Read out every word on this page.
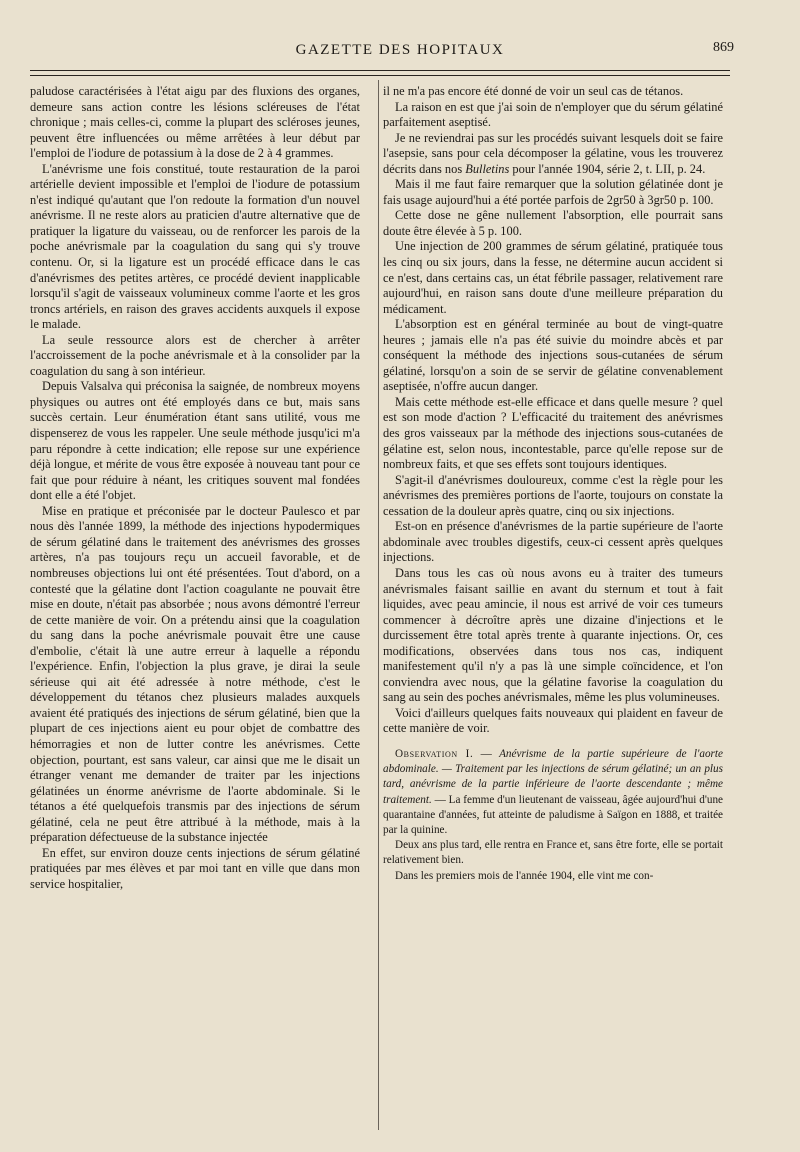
GAZETTE DES HOPITAUX	869

paludose caractérisées à l'état aigu par des fluxions des organes, demeure sans action contre les lésions scléreuses de l'état chronique ; mais celles-ci, comme la plupart des scléroses jeunes, peuvent être influencées ou même arrêtées à leur début par l'emploi de l'iodure de potassium à la dose de 2 à 4 grammes.

L'anévrisme une fois constitué, toute restauration de la paroi artérielle devient impossible et l'emploi de l'iodure de potassium n'est indiqué qu'autant que l'on redoute la formation d'un nouvel anévrisme. Il ne reste alors au praticien d'autre alternative que de pratiquer la ligature du vaisseau, ou de renforcer les parois de la poche anévrismale par la coagulation du sang qui s'y trouve contenu. Or, si la ligature est un procédé efficace dans le cas d'anévrismes des petites artères, ce procédé devient inapplicable lorsqu'il s'agit de vaisseaux volumineux comme l'aorte et les gros troncs artériels, en raison des graves accidents auxquels il expose le malade.

La seule ressource alors est de chercher à arrêter l'accroissement de la poche anévrismale et à la consolider par la coagulation du sang à son intérieur.

Depuis Valsalva qui préconisa la saignée, de nombreux moyens physiques ou autres ont été employés dans ce but, mais sans succès certain. Leur énumération étant sans utilité, vous me dispenserez de vous les rappeler. Une seule méthode jusqu'ici m'a paru répondre à cette indication; elle repose sur une expérience déjà longue, et mérite de vous être exposée à nouveau tant pour ce fait que pour réduire à néant, les critiques souvent mal fondées dont elle a été l'objet.

Mise en pratique et préconisée par le docteur Paulesco et par nous dès l'année 1899, la méthode des injections hypodermiques de sérum gélatiné dans le traitement des anévrismes des grosses artères, n'a pas toujours reçu un accueil favorable, et de nombreuses objections lui ont été présentées. Tout d'abord, on a contesté que la gélatine dont l'action coagulante ne pouvait être mise en doute, n'était pas absorbée ; nous avons démontré l'erreur de cette manière de voir. On a prétendu ainsi que la coagulation du sang dans la poche anévrismale pouvait être une cause d'embolie, c'était là une autre erreur à laquelle a répondu l'expérience. Enfin, l'objection la plus grave, je dirai la seule sérieuse qui ait été adressée à notre méthode, c'est le développement du tétanos chez plusieurs malades auxquels avaient été pratiqués des injections de sérum gélatiné, bien que la plupart de ces injections aient eu pour objet de combattre des hémorragies et non de lutter contre les anévrismes. Cette objection, pourtant, est sans valeur, car ainsi que me le disait un étranger venant me demander de traiter par les injections gélatinées un énorme anévrisme de l'aorte abdominale. Si le tétanos a été quelquefois transmis par des injections de sérum gélatiné, cela ne peut être attribué à la méthode, mais à la préparation défectueuse de la substance injectée

En effet, sur environ douze cents injections de sérum gélatiné pratiquées par mes élèves et par moi tant en ville que dans mon service hospitalier,

il ne m'a pas encore été donné de voir un seul cas de tétanos.

La raison en est que j'ai soin de n'employer que du sérum gélatiné parfaitement aseptisé.

Je ne reviendrai pas sur les procédés suivant lesquels doit se faire l'asepsie, sans pour cela décomposer la gélatine, vous les trouverez décrits dans nos Bulletins pour l'année 1904, série 2, t. LII, p. 24.

Mais il me faut faire remarquer que la solution gélatinée dont je fais usage aujourd'hui a été portée parfois de 2gr50 à 3gr50 p. 100.

Cette dose ne gêne nullement l'absorption, elle pourrait sans doute être élevée à 5 p. 100.

Une injection de 200 grammes de sérum gélatiné, pratiquée tous les cinq ou six jours, dans la fesse, ne détermine aucun accident si ce n'est, dans certains cas, un état fébrile passager, relativement rare aujourd'hui, en raison sans doute d'une meilleure préparation du médicament.

L'absorption est en général terminée au bout de vingt-quatre heures ; jamais elle n'a pas été suivie du moindre abcès et par conséquent la méthode des injections sous-cutanées de sérum gélatiné, lorsqu'on a soin de se servir de gélatine convenablement aseptisée, n'offre aucun danger.

Mais cette méthode est-elle efficace et dans quelle mesure ? quel est son mode d'action ? L'efficacité du traitement des anévrismes des gros vaisseaux par la méthode des injections sous-cutanées de gélatine est, selon nous, incontestable, parce qu'elle repose sur de nombreux faits, et que ses effets sont toujours identiques.

S'agit-il d'anévrismes douloureux, comme c'est la règle pour les anévrismes des premières portions de l'aorte, toujours on constate la cessation de la douleur après quatre, cinq ou six injections.

Est-on en présence d'anévrismes de la partie supérieure de l'aorte abdominale avec troubles digestifs, ceux-ci cessent après quelques injections.

Dans tous les cas où nous avons eu à traiter des tumeurs anévrismales faisant saillie en avant du sternum et tout à fait liquides, avec peau amincie, il nous est arrivé de voir ces tumeurs commencer à décroître après une dizaine d'injections et le durcissement être total après trente à quarante injections. Or, ces modifications, observées dans tous nos cas, indiquent manifestement qu'il n'y a pas là une simple coïncidence, et l'on conviendra avec nous, que la gélatine favorise la coagulation du sang au sein des poches anévrismales, même les plus volumineuses.

Voici d'ailleurs quelques faits nouveaux qui plaident en faveur de cette manière de voir.

Observation I. — Anévrisme de la partie supérieure de l'aorte abdominale. — Traitement par les injections de sérum gélatiné; un an plus tard, anévrisme de la partie inférieure de l'aorte descendante ; même traitement. — La femme d'un lieutenant de vaisseau, âgée aujourd'hui d'une quarantaine d'années, fut atteinte de paludisme à Saïgon en 1888, et traitée par la quinine.

Deux ans plus tard, elle rentra en France et, sans être forte, elle se portait relativement bien.

Dans les premiers mois de l'année 1904, elle vint me con-
